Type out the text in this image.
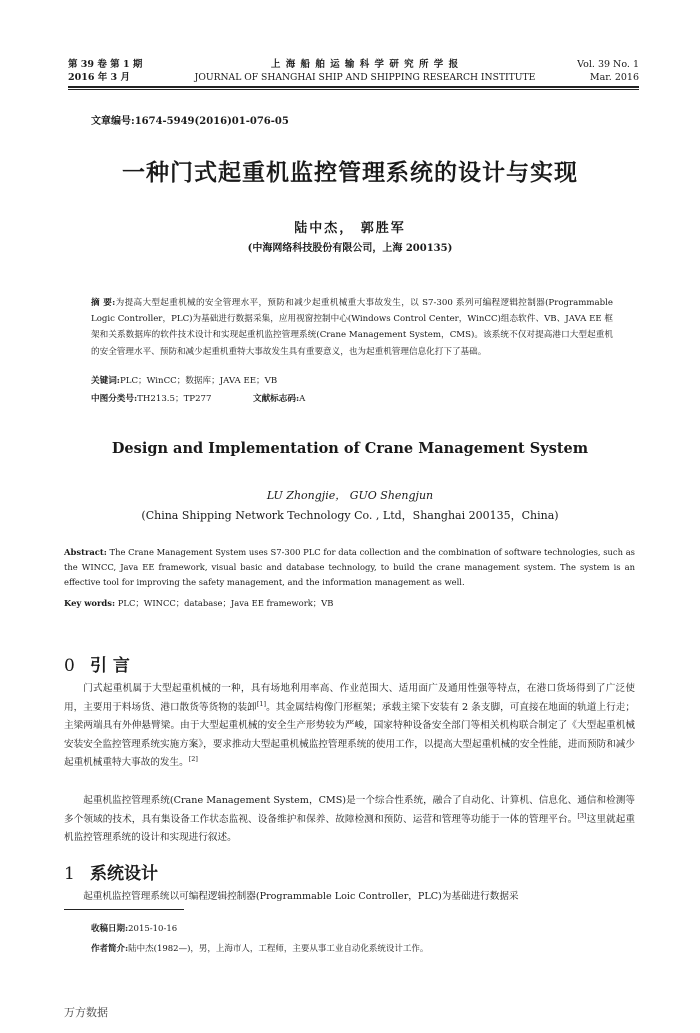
第 39 卷 第 1 期
2016 年 3 月
上 海 船 舶 运 输 科 学 研 究 所 学 报
JOURNAL OF SHANGHAI SHIP AND SHIPPING RESEARCH INSTITUTE
Vol. 39 No. 1
Mar. 2016
文章编号:1674-5949(2016)01-076-05
一种门式起重机监控管理系统的设计与实现
陆中杰， 郭胜军
(中海网络科技股份有限公司，上海 200135)
摘 要:为提高大型起重机械的安全管理水平，预防和减少起重机械重大事故发生，以 S7-300 系列可编程逻辑控制器(Programmable Logic Controller，PLC)为基础进行数据采集，应用视窗控制中心(Windows Control Center，WinCC)组态软件、VB、JAVA EE 框架和关系数据库的软件技术设计和实现起重机监控管理系统(Crane Management System，CMS)。该系统不仅对提高港口大型起重机的安全管理水平、预防和减少起重机重特大事故发生具有重要意义，也为起重机管理信息化打下了基础。
关键词:PLC；WinCC；数据库；JAVA EE；VB
中图分类号:TH213.5；TP277	文献标志码:A
Design and Implementation of Crane Management System
LU Zhongjie， GUO Shengjun
(China Shipping Network Technology Co. , Ltd，Shanghai 200135，China)
Abstract: The Crane Management System uses S7-300 PLC for data collection and the combination of software technologies, such as the WINCC, Java EE framework, visual basic and database technology, to build the crane management system. The system is an effective tool for improving the safety management, and the information management as well.
Key words: PLC；WINCC；database；Java EE framework；VB
0 引 言
门式起重机属于大型起重机械的一种，具有场地利用率高、作业范围大、适用面广及通用性强等特点，在港口货场得到了广泛使用，主要用于料场货、港口散货等货物的装卸[1]。其金属结构像门形框架；承载主梁下安装有 2 条支脚，可直接在地面的轨道上行走；主梁两端具有外伸悬臂梁。由于大型起重机械的安全生产形势较为严峻，国家特种设备安全部门等相关机构联合制定了《大型起重机械安装安全监控管理系统实施方案》，要求推动大型起重机械监控管理系统的使用工作，以提高大型起重机械的安全性能，进而预防和减少起重机械重特大事故的发生。[2]
起重机监控管理系统(Crane Management System，CMS)是一个综合性系统，融合了自动化、计算机、信息化、通信和检测等多个领域的技术，具有集设备工作状态监视、设备维护和保养、故障检测和预防、运营和管理等功能于一体的管理平台。[3]这里就起重机监控管理系统的设计和实现进行叙述。
1 系统设计
起重机监控管理系统以可编程逻辑控制器(Programmable Loic Controller，PLC)为基础进行数据采
收稿日期:2015-10-16
作者简介:陆中杰(1982—)，男，上海市人，工程师，主要从事工业自动化系统设计工作。
万方数据
